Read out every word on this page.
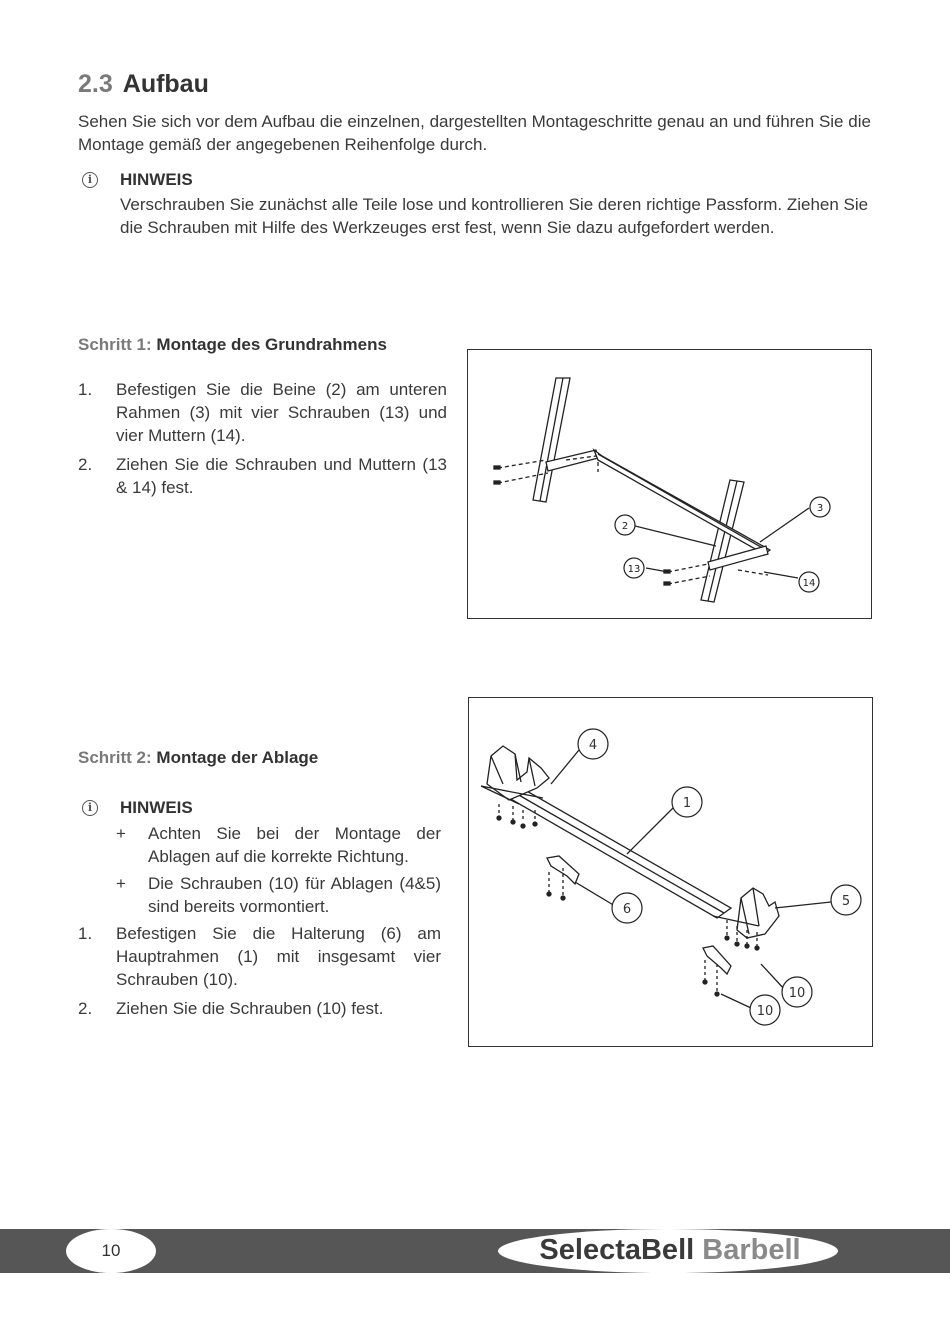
2.3 Aufbau
Sehen Sie sich vor dem Aufbau die einzelnen, dargestellten Montageschritte genau an und führen Sie die Montage gemäß der angegebenen Reihenfolge durch.
i	HINWEIS
Verschrauben Sie zunächst alle Teile lose und kontrollieren Sie deren richtige Passform. Ziehen Sie die Schrauben mit Hilfe des Werkzeuges erst fest, wenn Sie dazu aufgefordert werden.
Schritt 1: Montage des Grundrahmens
1. Befestigen Sie die Beine (2) am unteren Rahmen (3) mit vier Schrauben (13) und vier Muttern (14).
2. Ziehen Sie die Schrauben und Muttern (13 & 14) fest.
2
3
13
14
Schritt 2: Montage der Ablage
i	HINWEIS
+ Achten Sie bei der Montage der Ablagen auf die korrekte Richtung.
+ Die Schrauben (10) für Ablagen (4&5) sind bereits vormontiert.
1. Befestigen Sie die Halterung (6) am Hauptrahmen (1) mit insgesamt vier Schrauben (10).
2. Ziehen Sie die Schrauben (10) fest.
4
1
5
6
10
10
10	SelectaBell Barbell
